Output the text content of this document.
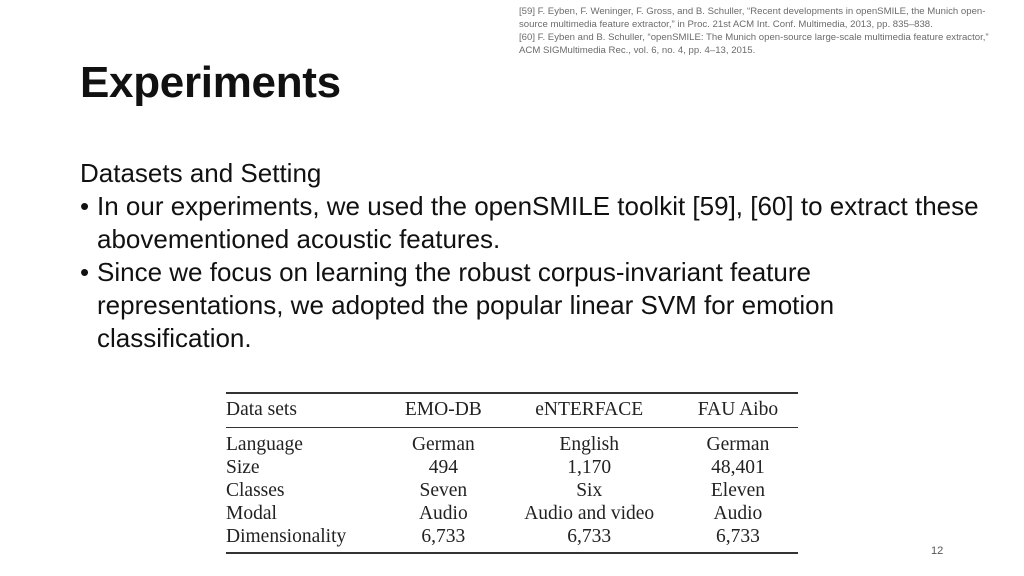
[59] F. Eyben, F. Weninger, F. Gross, and B. Schuller, “Recent developments in openSMILE, the Munich open-source multimedia feature extractor,” in Proc. 21st ACM Int. Conf. Multimedia, 2013, pp. 835–838.

[60] F. Eyben and B. Schuller, “openSMILE: The Munich open-source large-scale multimedia feature extractor,” ACM SIGMultimedia Rec., vol. 6, no. 4, pp. 4–13, 2015.

Experiments

Datasets and Setting

• In our experiments, we used the openSMILE toolkit [59], [60] to extract these abovementioned acoustic features.
• Since we focus on learning the robust corpus-invariant feature representations, we adopted the popular linear SVM for emotion classification.
Data sets	EMO-DB	eNTERFACE	FAU Aibo
Language	German	English	German
Size	494	1,170	48,401
Classes	Seven	Six	Eleven
Modal	Audio	Audio and video	Audio
Dimensionality	6,733	6,733	6,733
12
